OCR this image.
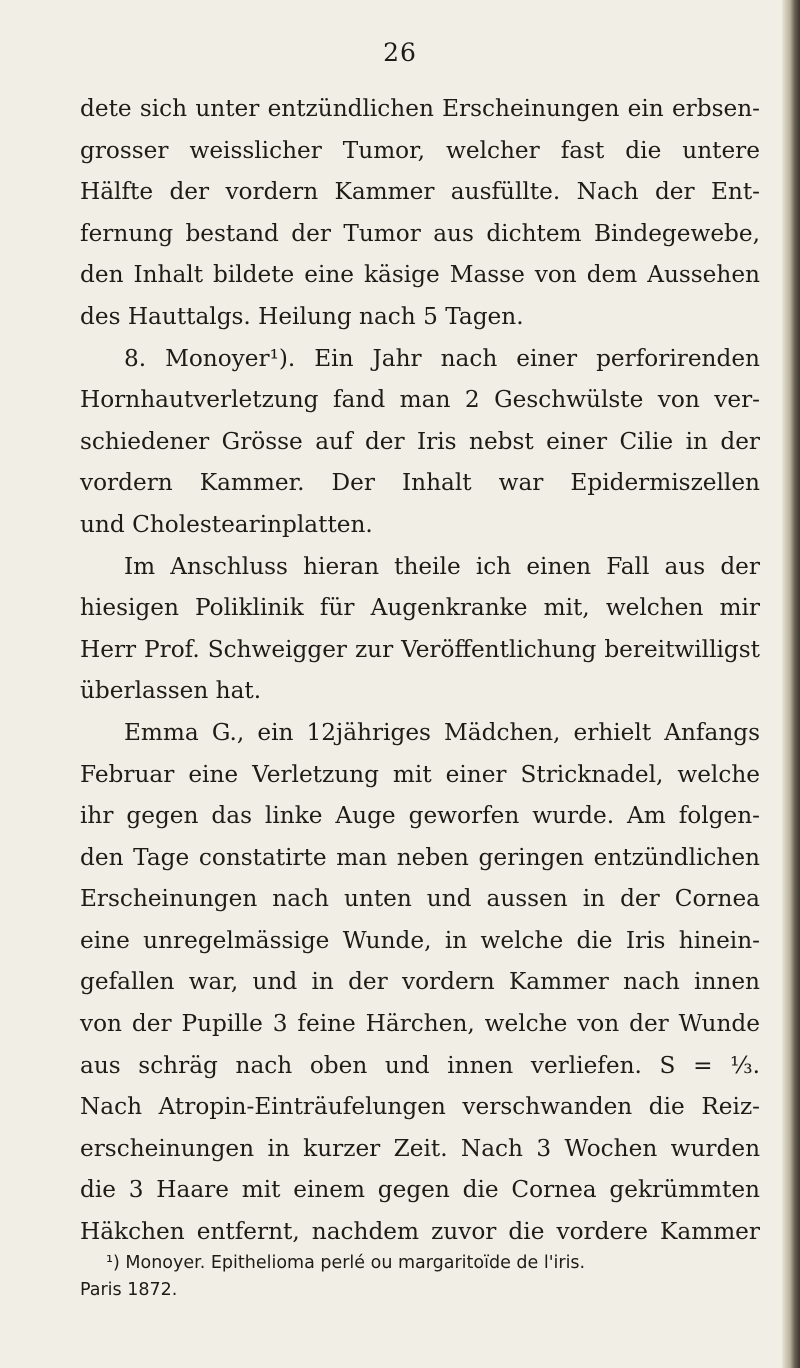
26
dete sich unter entzündlichen Erscheinungen ein erbsen-
grosser weisslicher Tumor, welcher fast die untere
Hälfte der vordern Kammer ausfüllte. Nach der Ent-
fernung bestand der Tumor aus dichtem Bindegewebe,
den Inhalt bildete eine käsige Masse von dem Aussehen
des Hauttalgs. Heilung nach 5 Tagen.
8. Monoyer¹). Ein Jahr nach einer perforirenden
Hornhautverletzung fand man 2 Geschwülste von ver-
schiedener Grösse auf der Iris nebst einer Cilie in der
vordern Kammer. Der Inhalt war Epidermiszellen
und Cholestearinplatten.
Im Anschluss hieran theile ich einen Fall aus der
hiesigen Poliklinik für Augenkranke mit, welchen mir
Herr Prof. Schweigger zur Veröffentlichung bereitwilligst
überlassen hat.
Emma G., ein 12jähriges Mädchen, erhielt Anfangs
Februar eine Verletzung mit einer Stricknadel, welche
ihr gegen das linke Auge geworfen wurde. Am folgen-
den Tage constatirte man neben geringen entzündlichen
Erscheinungen nach unten und aussen in der Cornea
eine unregelmässige Wunde, in welche die Iris hinein-
gefallen war, und in der vordern Kammer nach innen
von der Pupille 3 feine Härchen, welche von der Wunde
aus schräg nach oben und innen verliefen. S = ⅓.
Nach Atropin-Einträufelungen verschwanden die Reiz-
erscheinungen in kurzer Zeit. Nach 3 Wochen wurden
die 3 Haare mit einem gegen die Cornea gekrümmten
Häkchen entfernt, nachdem zuvor die vordere Kammer
¹) Monoyer. Epithelioma perlé ou margaritoïde de l'iris.
Paris 1872.
